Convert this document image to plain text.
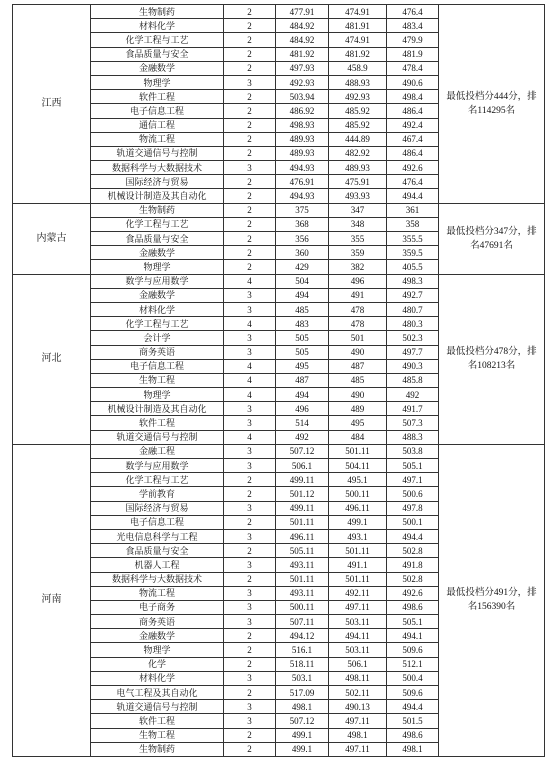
江西	生物制药	2	477.91	474.91	476.4	最低投档分444分，排名114295名
	材料化学	2	484.92	481.91	483.4	
	化学工程与工艺	2	484.92	474.91	479.9	
	食品质量与安全	2	481.92	481.92	481.9	
	金融数学	2	497.93	458.9	478.4	
	物理学	3	492.93	488.93	490.6	
	软件工程	2	503.94	492.93	498.4	
	电子信息工程	2	486.92	485.92	486.4	
	通信工程	2	498.93	485.92	492.4	
	物流工程	2	489.93	444.89	467.4	
	轨道交通信号与控制	2	489.93	482.92	486.4	
	数据科学与大数据技术	3	494.93	489.93	492.6	
	国际经济与贸易	2	476.91	475.91	476.4	
	机械设计制造及其自动化	2	494.93	493.93	494.4	
内蒙古	生物制药	2	375	347	361	最低投档分347分，排名47691名
	化学工程与工艺	2	368	348	358	
	食品质量与安全	2	356	355	355.5	
	金融数学	2	360	359	359.5	
	物理学	2	429	382	405.5	
河北	数学与应用数学	4	504	496	498.3	最低投档分478分，排名108213名
	金融数学	3	494	491	492.7	
	材料化学	3	485	478	480.7	
	化学工程与工艺	4	483	478	480.3	
	会计学	3	505	501	502.3	
	商务英语	3	505	490	497.7	
	电子信息工程	4	495	487	490.3	
	生物工程	4	487	485	485.8	
	物理学	4	494	490	492	
	机械设计制造及其自动化	3	496	489	491.7	
	软件工程	3	514	495	507.3	
	轨道交通信号与控制	4	492	484	488.3	
河南	金融工程	3	507.12	501.11	503.8	最低投档分491分，排名156390名
	数学与应用数学	3	506.1	504.11	505.1	
	化学工程与工艺	2	499.11	495.1	497.1	
	学前教育	2	501.12	500.11	500.6	
	国际经济与贸易	3	499.11	496.11	497.8	
	电子信息工程	2	501.11	499.1	500.1	
	光电信息科学与工程	3	496.11	493.1	494.4	
	食品质量与安全	2	505.11	501.11	502.8	
	机器人工程	3	493.11	491.1	491.8	
	数据科学与大数据技术	2	501.11	501.11	502.8	
	物流工程	3	493.11	492.11	492.6	
	电子商务	3	500.11	497.11	498.6	
	商务英语	3	507.11	503.11	505.1	
	金融数学	2	494.12	494.11	494.1	
	物理学	2	516.1	503.11	509.6	
	化学	2	518.11	506.1	512.1	
	材料化学	3	503.1	498.11	500.4	
	电气工程及其自动化	2	517.09	502.11	509.6	
	轨道交通信号与控制	3	498.1	490.13	494.4	
	软件工程	3	507.12	497.11	501.5	
	生物工程	2	499.1	498.1	498.6	
	生物制药	2	499.1	497.11	498.1	
